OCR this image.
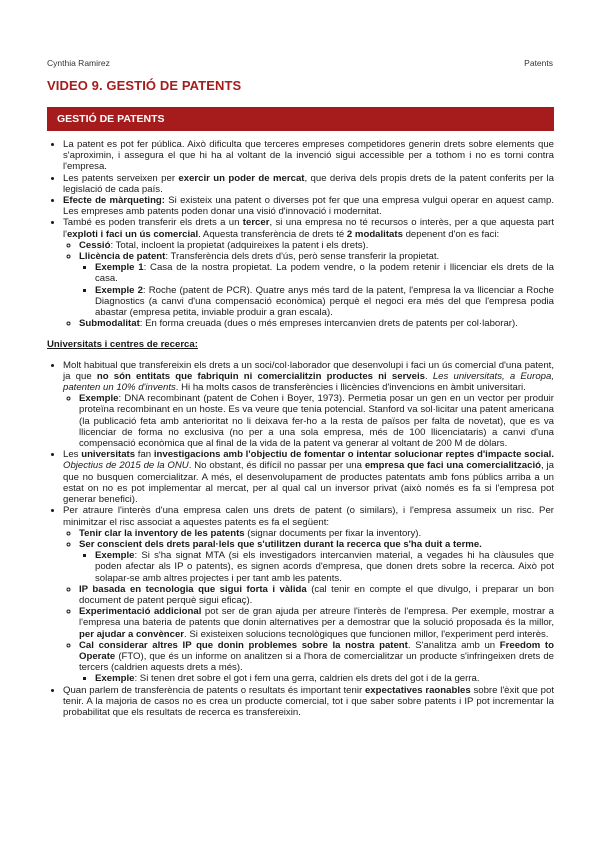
Cynthia Ramirez	Patents
VIDEO 9. GESTIÓ DE PATENTS
GESTIÓ DE PATENTS
• La patent es pot fer pública. Això dificulta que terceres empreses competidores generin drets sobre elements que s'aproximin, i assegura el que hi ha al voltant de la invenció sigui accessible per a tothom i no es torni contra l'empresa.
• Les patents serveixen per exercir un poder de mercat, que deriva dels propis drets de la patent conferits per la legislació de cada país.
• Efecte de màrqueting: Si existeix una patent o diverses pot fer que una empresa vulgui operar en aquest camp. Les empreses amb patents poden donar una visió d'innovació i modernitat.
• També es poden transferir els drets a un tercer, si una empresa no té recursos o interès, per a que aquesta part l'exploti i faci un ús comercial. Aquesta transferència de drets té 2 modalitats depenent d'on es faci:
◦ Cessió: Total, incloent la propietat (adquireixes la patent i els drets).
◦ Llicència de patent: Transferència dels drets d'ús, però sense transferir la propietat.
▪ Exemple 1: Casa de la nostra propietat. La podem vendre, o la podem retenir i llicenciar els drets de la casa.
▪ Exemple 2: Roche (patent de PCR). Quatre anys més tard de la patent, l'empresa la va llicenciar a Roche Diagnostics (a canvi d'una compensació econòmica) perquè el negoci era més del que l'empresa podia abastar (empresa petita, inviable produir a gran escala).
◦ Submodalitat: En forma creuada (dues o més empreses intercanvien drets de patents per col·laborar).
Universitats i centres de recerca:
• Molt habitual que transfereixin els drets a un soci/col·laborador que desenvolupi i faci un ús comercial d'una patent, ja que no són entitats que fabriquin ni comercialitzin productes ni serveis. Les universitats, a Europa, patenten un 10% d'invents. Hi ha molts casos de transferències i llicències d'invencions en àmbit universitari.
◦ Exemple: DNA recombinant (patent de Cohen i Boyer, 1973). Permetia posar un gen en un vector per produir proteïna recombinant en un hoste. Es va veure que tenia potencial. Stanford va sol·licitar una patent americana (la publicació feta amb anterioritat no li deixava fer-ho a la resta de països per falta de novetat), que es va llicenciar de forma no exclusiva (no per a una sola empresa, més de 100 llicenciataris) a canvi d'una compensació econòmica que al final de la vida de la patent va generar al voltant de 200 M de dòlars.
• Les universitats fan investigacions amb l'objectiu de fomentar o intentar solucionar reptes d'impacte social. Objectius de 2015 de la ONU. No obstant, és difícil no passar per una empresa que faci una comercialització, ja que no busquen comercialitzar. A més, el desenvolupament de productes patentats amb fons públics arriba a un estat on no es pot implementar al mercat, per al qual cal un inversor privat (això només es fa si l'empresa pot generar benefici).
• Per atraure l'interès d'una empresa calen uns drets de patent (o similars), i l'empresa assumeix un risc. Per minimitzar el risc associat a aquestes patents es fa el següent:
◦ Tenir clar la inventory de les patents (signar documents per fixar la inventory).
◦ Ser conscient dels drets paral·lels que s'utilitzen durant la recerca que s'ha duit a terme.
▪ Exemple: Si s'ha signat MTA (si els investigadors intercanvien material, a vegades hi ha clàusules que poden afectar als IP o patents), es signen acords d'empresa, que donen drets sobre la recerca. Això pot solapar-se amb altres projectes i per tant amb les patents.
◦ IP basada en tecnologia que sigui forta i vàlida (cal tenir en compte el que divulgo, i preparar un bon document de patent perquè sigui eficaç).
◦ Experimentació addicional pot ser de gran ajuda per atreure l'interès de l'empresa. Per exemple, mostrar a l'empresa una bateria de patents que donin alternatives per a demostrar que la solució proposada és la millor, per ajudar a convèncer. Si existeixen solucions tecnològiques que funcionen millor, l'experiment perd interès.
◦ Cal considerar altres IP que donin problemes sobre la nostra patent. S'analitza amb un Freedom to Operate (FTO), que és un informe on analitzen si a l'hora de comercialitzar un producte s'infringeixen drets de tercers (caldrien aquests drets a més).
▪ Exemple: Si tenen dret sobre el got i fem una gerra, caldrien els drets del got i de la gerra.
• Quan parlem de transferència de patents o resultats és important tenir expectatives raonables sobre l'èxit que pot tenir. A la majoria de casos no es crea un producte comercial, tot i que saber sobre patents i IP pot incrementar la probabilitat que els resultats de recerca es transfereixin.
